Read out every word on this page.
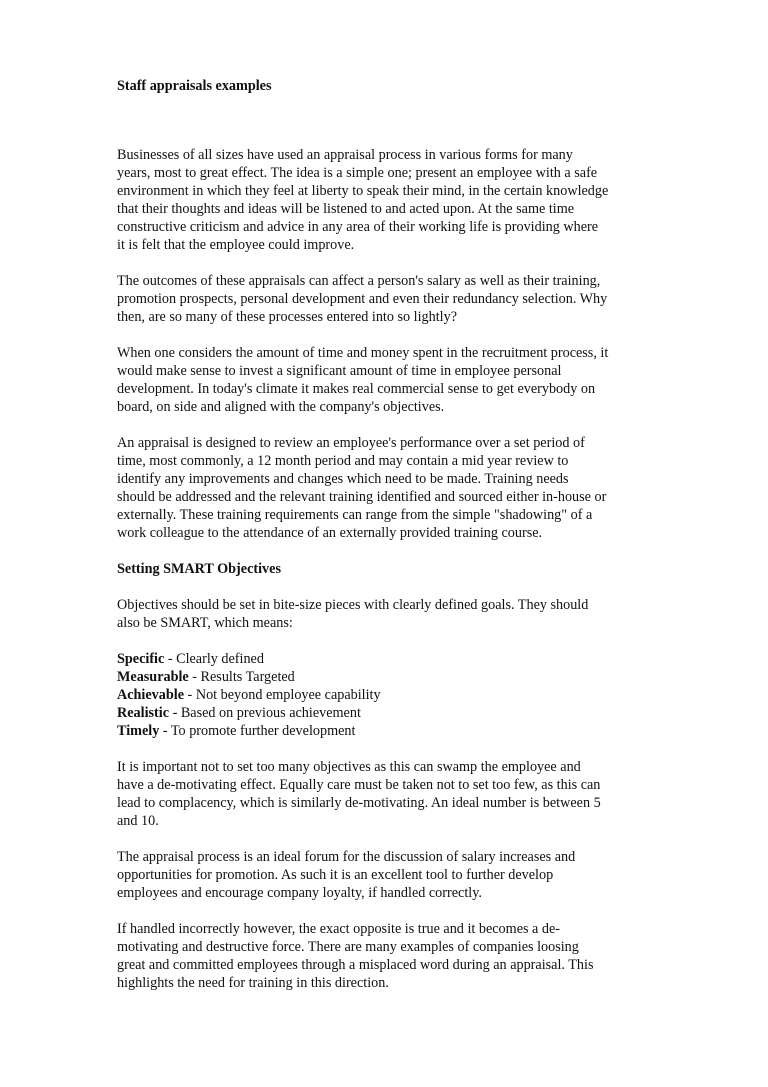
Staff appraisals examples
Businesses of all sizes have used an appraisal process in various forms for many
years, most to great effect. The idea is a simple one; present an employee with a safe
environment in which they feel at liberty to speak their mind, in the certain knowledge
that their thoughts and ideas will be listened to and acted upon. At the same time
constructive criticism and advice in any area of their working life is providing where
it is felt that the employee could improve.
The outcomes of these appraisals can affect a person's salary as well as their training,
promotion prospects, personal development and even their redundancy selection. Why
then, are so many of these processes entered into so lightly?
When one considers the amount of time and money spent in the recruitment process, it
would make sense to invest a significant amount of time in employee personal
development. In today's climate it makes real commercial sense to get everybody on
board, on side and aligned with the company's objectives.
An appraisal is designed to review an employee's performance over a set period of
time, most commonly, a 12 month period and may contain a mid year review to
identify any improvements and changes which need to be made. Training needs
should be addressed and the relevant training identified and sourced either in-house or
externally. These training requirements can range from the simple "shadowing" of a
work colleague to the attendance of an externally provided training course.
Setting SMART Objectives
Objectives should be set in bite-size pieces with clearly defined goals. They should
also be SMART, which means:
Specific - Clearly defined
Measurable - Results Targeted
Achievable - Not beyond employee capability
Realistic - Based on previous achievement
Timely - To promote further development
It is important not to set too many objectives as this can swamp the employee and
have a de-motivating effect. Equally care must be taken not to set too few, as this can
lead to complacency, which is similarly de-motivating. An ideal number is between 5
and 10.
The appraisal process is an ideal forum for the discussion of salary increases and
opportunities for promotion. As such it is an excellent tool to further develop
employees and encourage company loyalty, if handled correctly.
If handled incorrectly however, the exact opposite is true and it becomes a de-
motivating and destructive force. There are many examples of companies loosing
great and committed employees through a misplaced word during an appraisal. This
highlights the need for training in this direction.
